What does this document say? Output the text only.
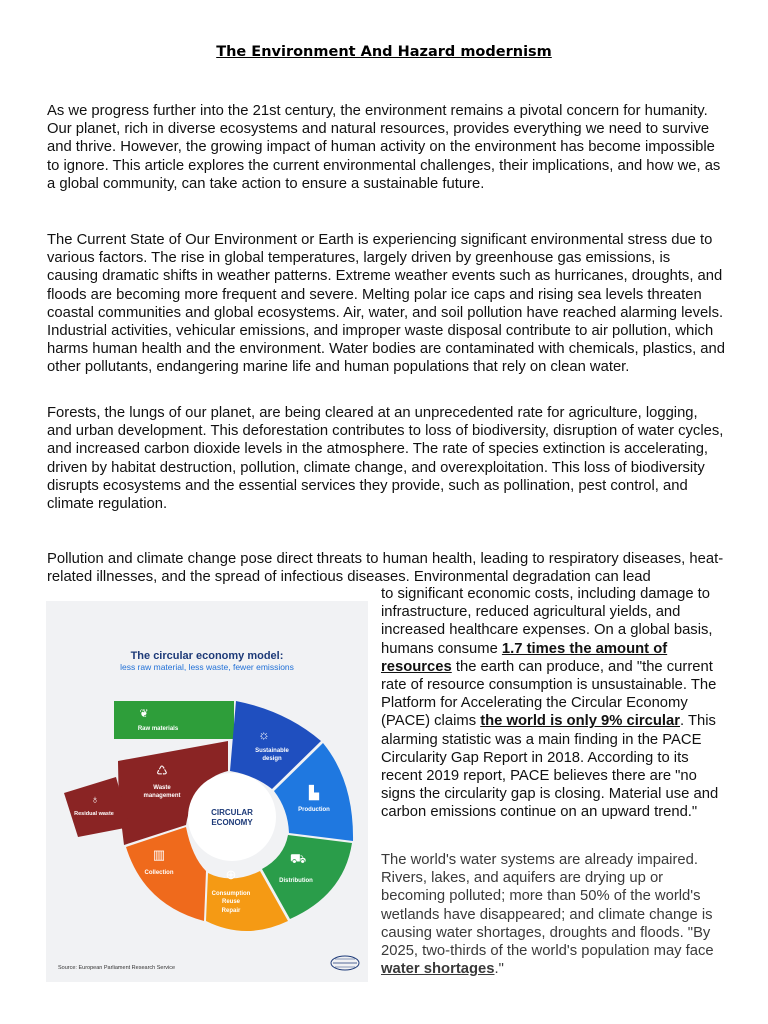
The Environment And Hazard modernism

As we progress further into the 21st century, the environment remains a pivotal concern for humanity. Our planet, rich in diverse ecosystems and natural resources, provides everything we need to survive and thrive. However, the growing impact of human activity on the environment has become impossible to ignore. This article explores the current environmental challenges, their implications, and how we, as a global community, can take action to ensure a sustainable future.

The Current State of Our Environment or Earth is experiencing significant environmental stress due to various factors. The rise in global temperatures, largely driven by greenhouse gas emissions, is causing dramatic shifts in weather patterns. Extreme weather events such as hurricanes, droughts, and floods are becoming more frequent and severe. Melting polar ice caps and rising sea levels threaten coastal communities and global ecosystems. Air, water, and soil pollution have reached alarming levels. Industrial activities, vehicular emissions, and improper waste disposal contribute to air pollution, which harms human health and the environment. Water bodies are contaminated with chemicals, plastics, and other pollutants, endangering marine life and human populations that rely on clean water.

Forests, the lungs of our planet, are being cleared at an unprecedented rate for agriculture, logging, and urban development. This deforestation contributes to loss of biodiversity, disruption of water cycles, and increased carbon dioxide levels in the atmosphere. The rate of species extinction is accelerating, driven by habitat destruction, pollution, climate change, and overexploitation. This loss of biodiversity disrupts ecosystems and the essential services they provide, such as pollination, pest control, and climate regulation.

Pollution and climate change pose direct threats to human health, leading to respiratory diseases, heat-related illnesses, and the spread of infectious diseases. Environmental degradation can lead

The circular economy model:
less raw material, less waste, fewer emissions
❦
Raw materials	☼
Sustainable
design
▙
Production
⛟
Distribution
⊕
Consumption
Reuse
Repair
▥
Collection
♺
Waste
management
♁
Residual waste	CIRCULAR
ECONOMY
Source: European Parliament Research Service

to significant economic costs, including damage to infrastructure, reduced agricultural yields, and increased healthcare expenses. On a global basis, humans consume 1.7 times the amount of resources the earth can produce, and "the current rate of resource consumption is unsustainable. The Platform for Accelerating the Circular Economy (PACE) claims the world is only 9% circular. This alarming statistic was a main finding in the PACE Circularity Gap Report in 2018. According to its recent 2019 report, PACE believes there are "no signs the circularity gap is closing. Material use and carbon emissions continue on an upward trend."

The world's water systems are already impaired. Rivers, lakes, and aquifers are drying up or becoming polluted; more than 50% of the world's wetlands have disappeared; and climate change is causing water shortages, droughts and floods. "By 2025, two-thirds of the world's population may face water shortages."
